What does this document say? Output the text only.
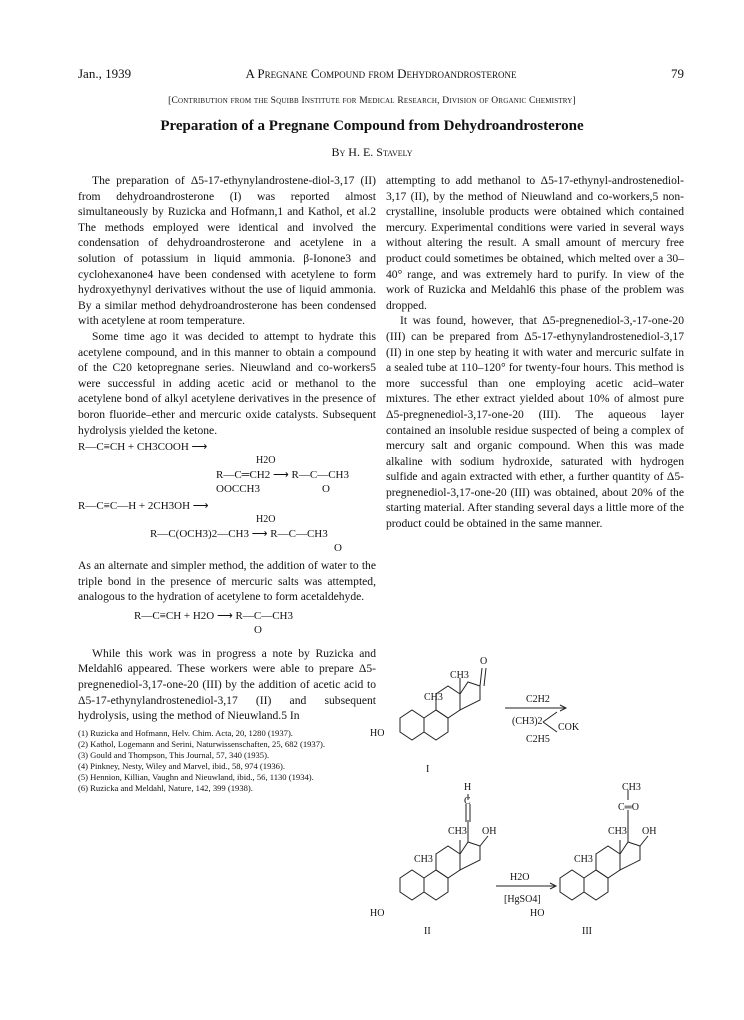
Jan., 1939	A Pregnane Compound from Dehydroandrosterone	79
[Contribution from the Squibb Institute for Medical Research, Division of Organic Chemistry]
Preparation of a Pregnane Compound from Dehydroandrosterone
By H. E. Stavely

The preparation of Δ5-17-ethynylandrostene-diol-3,17 (II) from dehydroandrosterone (I) was reported almost simultaneously by Ruzicka and Hofmann,1 and Kathol, et al.2 The methods employed were identical and involved the condensation of dehydroandrosterone and acetylene in a solution of potassium in liquid ammonia. β-Ionone3 and cyclohexanone4 have been condensed with acetylene to form hydroxyethynyl derivatives without the use of liquid ammonia. By a similar method dehydroandrosterone has been condensed with acetylene at room temperature.

Some time ago it was decided to attempt to hydrate this acetylene compound, and in this manner to obtain a compound of the C20 ketopregnane series. Nieuwland and co-workers5 were successful in adding acetic acid or methanol to the acetylene bond of alkyl acetylene derivatives in the presence of boron fluoride–ether and mercuric oxide catalysts. Subsequent hydrolysis yielded the ketone.

R—C≡CH + CH3COOH ⟶
H2O
R—C═CH2 ⟶ R—C—CH3
OOCCH3	O
R—C≡C—H + 2CH3OH ⟶
H2O
R—C(OCH3)2—CH3 ⟶ R—C—CH3
O

As an alternate and simpler method, the addition of water to the triple bond in the presence of mercuric salts was attempted, analogous to the hydration of acetylene to form acetaldehyde.

R—C≡CH + H2O ⟶ R—C—CH3
O

While this work was in progress a note by Ruzicka and Meldahl6 appeared. These workers were able to prepare Δ5-pregnenediol-3,17-one-20 (III) by the addition of acetic acid to Δ5-17-ethynylandrostenediol-3,17 (II) and subsequent hydrolysis, using the method of Nieuwland.5 In

(1) Ruzicka and Hofmann, Helv. Chim. Acta, 20, 1280 (1937).
(2) Kathol, Logemann and Serini, Naturwissenschaften, 25, 682 (1937).
(3) Gould and Thompson, This Journal, 57, 340 (1935).
(4) Pinkney, Nesty, Wiley and Marvel, ibid., 58, 974 (1936).
(5) Hennion, Killian, Vaughn and Nieuwland, ibid., 56, 1130 (1934).
(6) Ruzicka and Meldahl, Nature, 142, 399 (1938).

attempting to add methanol to Δ5-17-ethynyl-androstenediol-3,17 (II), by the method of Nieuwland and co-workers,5 non-crystalline, insoluble products were obtained which contained mercury. Experimental conditions were varied in several ways without altering the result. A small amount of mercury free product could sometimes be obtained, which melted over a 30–40° range, and was extremely hard to purify. In view of the work of Ruzicka and Meldahl6 this phase of the problem was dropped.

It was found, however, that Δ5-pregnenediol-3,-17-one-20 (III) can be prepared from Δ5-17-ethynylandrostenediol-3,17 (II) in one step by heating it with water and mercuric sulfate in a sealed tube at 110–120° for twenty-four hours. This method is more successful than one employing acetic acid–water mixtures. The ether extract yielded about 10% of almost pure Δ5-pregnenediol-3,17-one-20 (III). The aqueous layer contained an insoluble residue suspected of being a complex of mercury salt and organic compound. When this was made alkaline with sodium hydroxide, saturated with hydrogen sulfide and again extracted with ether, a further quantity of Δ5-pregnenediol-3,17-one-20 (III) was obtained, about 20% of the starting material. After standing several days a little more of the product could be obtained in the same manner.

HO
CH3
CH3
O
I
C2H2
(CH3)2
COK
C2H5
H
C
CH3 OH
CH3
HO
II
H2O
[HgSO4]
CH3
C═O
CH3 OH
CH3
HO
III
